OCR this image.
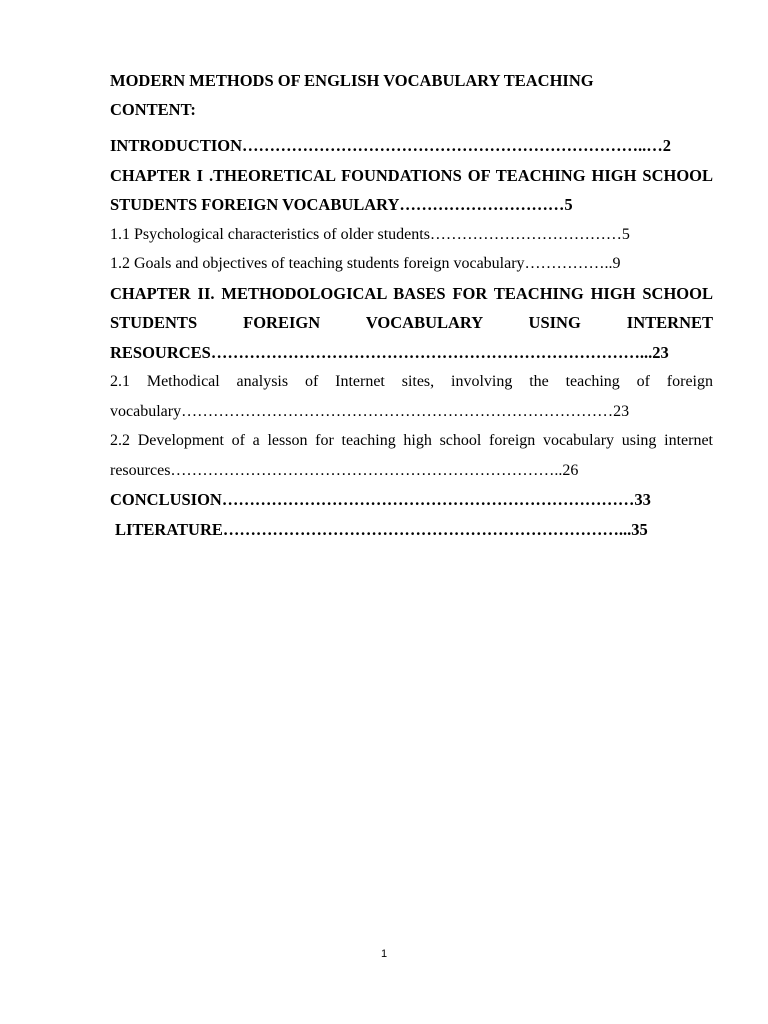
MODERN METHODS OF ENGLISH VOCABULARY TEACHING

CONTENT:

INTRODUCTION………………………………………………………………..…2

CHAPTER I .THEORETICAL FOUNDATIONS OF TEACHING HIGH SCHOOL STUDENTS FOREIGN VOCABULARY…………………………5

1.1 Psychological characteristics of older students………………………………5

1.2 Goals and objectives of teaching students foreign vocabulary……………..9

CHAPTER II. METHODOLOGICAL BASES FOR TEACHING HIGH SCHOOL STUDENTS FOREIGN VOCABULARY USING INTERNET RESOURCES……………………………………………………………………...23

2.1 Methodical analysis of Internet sites, involving the teaching of foreign vocabulary………………………………………………………………………23

2.2 Development of a lesson for teaching high school foreign vocabulary using internet resources………………………………………………………………..26

CONCLUSION…………………………………………………………………33

LITERATURE………………………………………………………………...35

1
